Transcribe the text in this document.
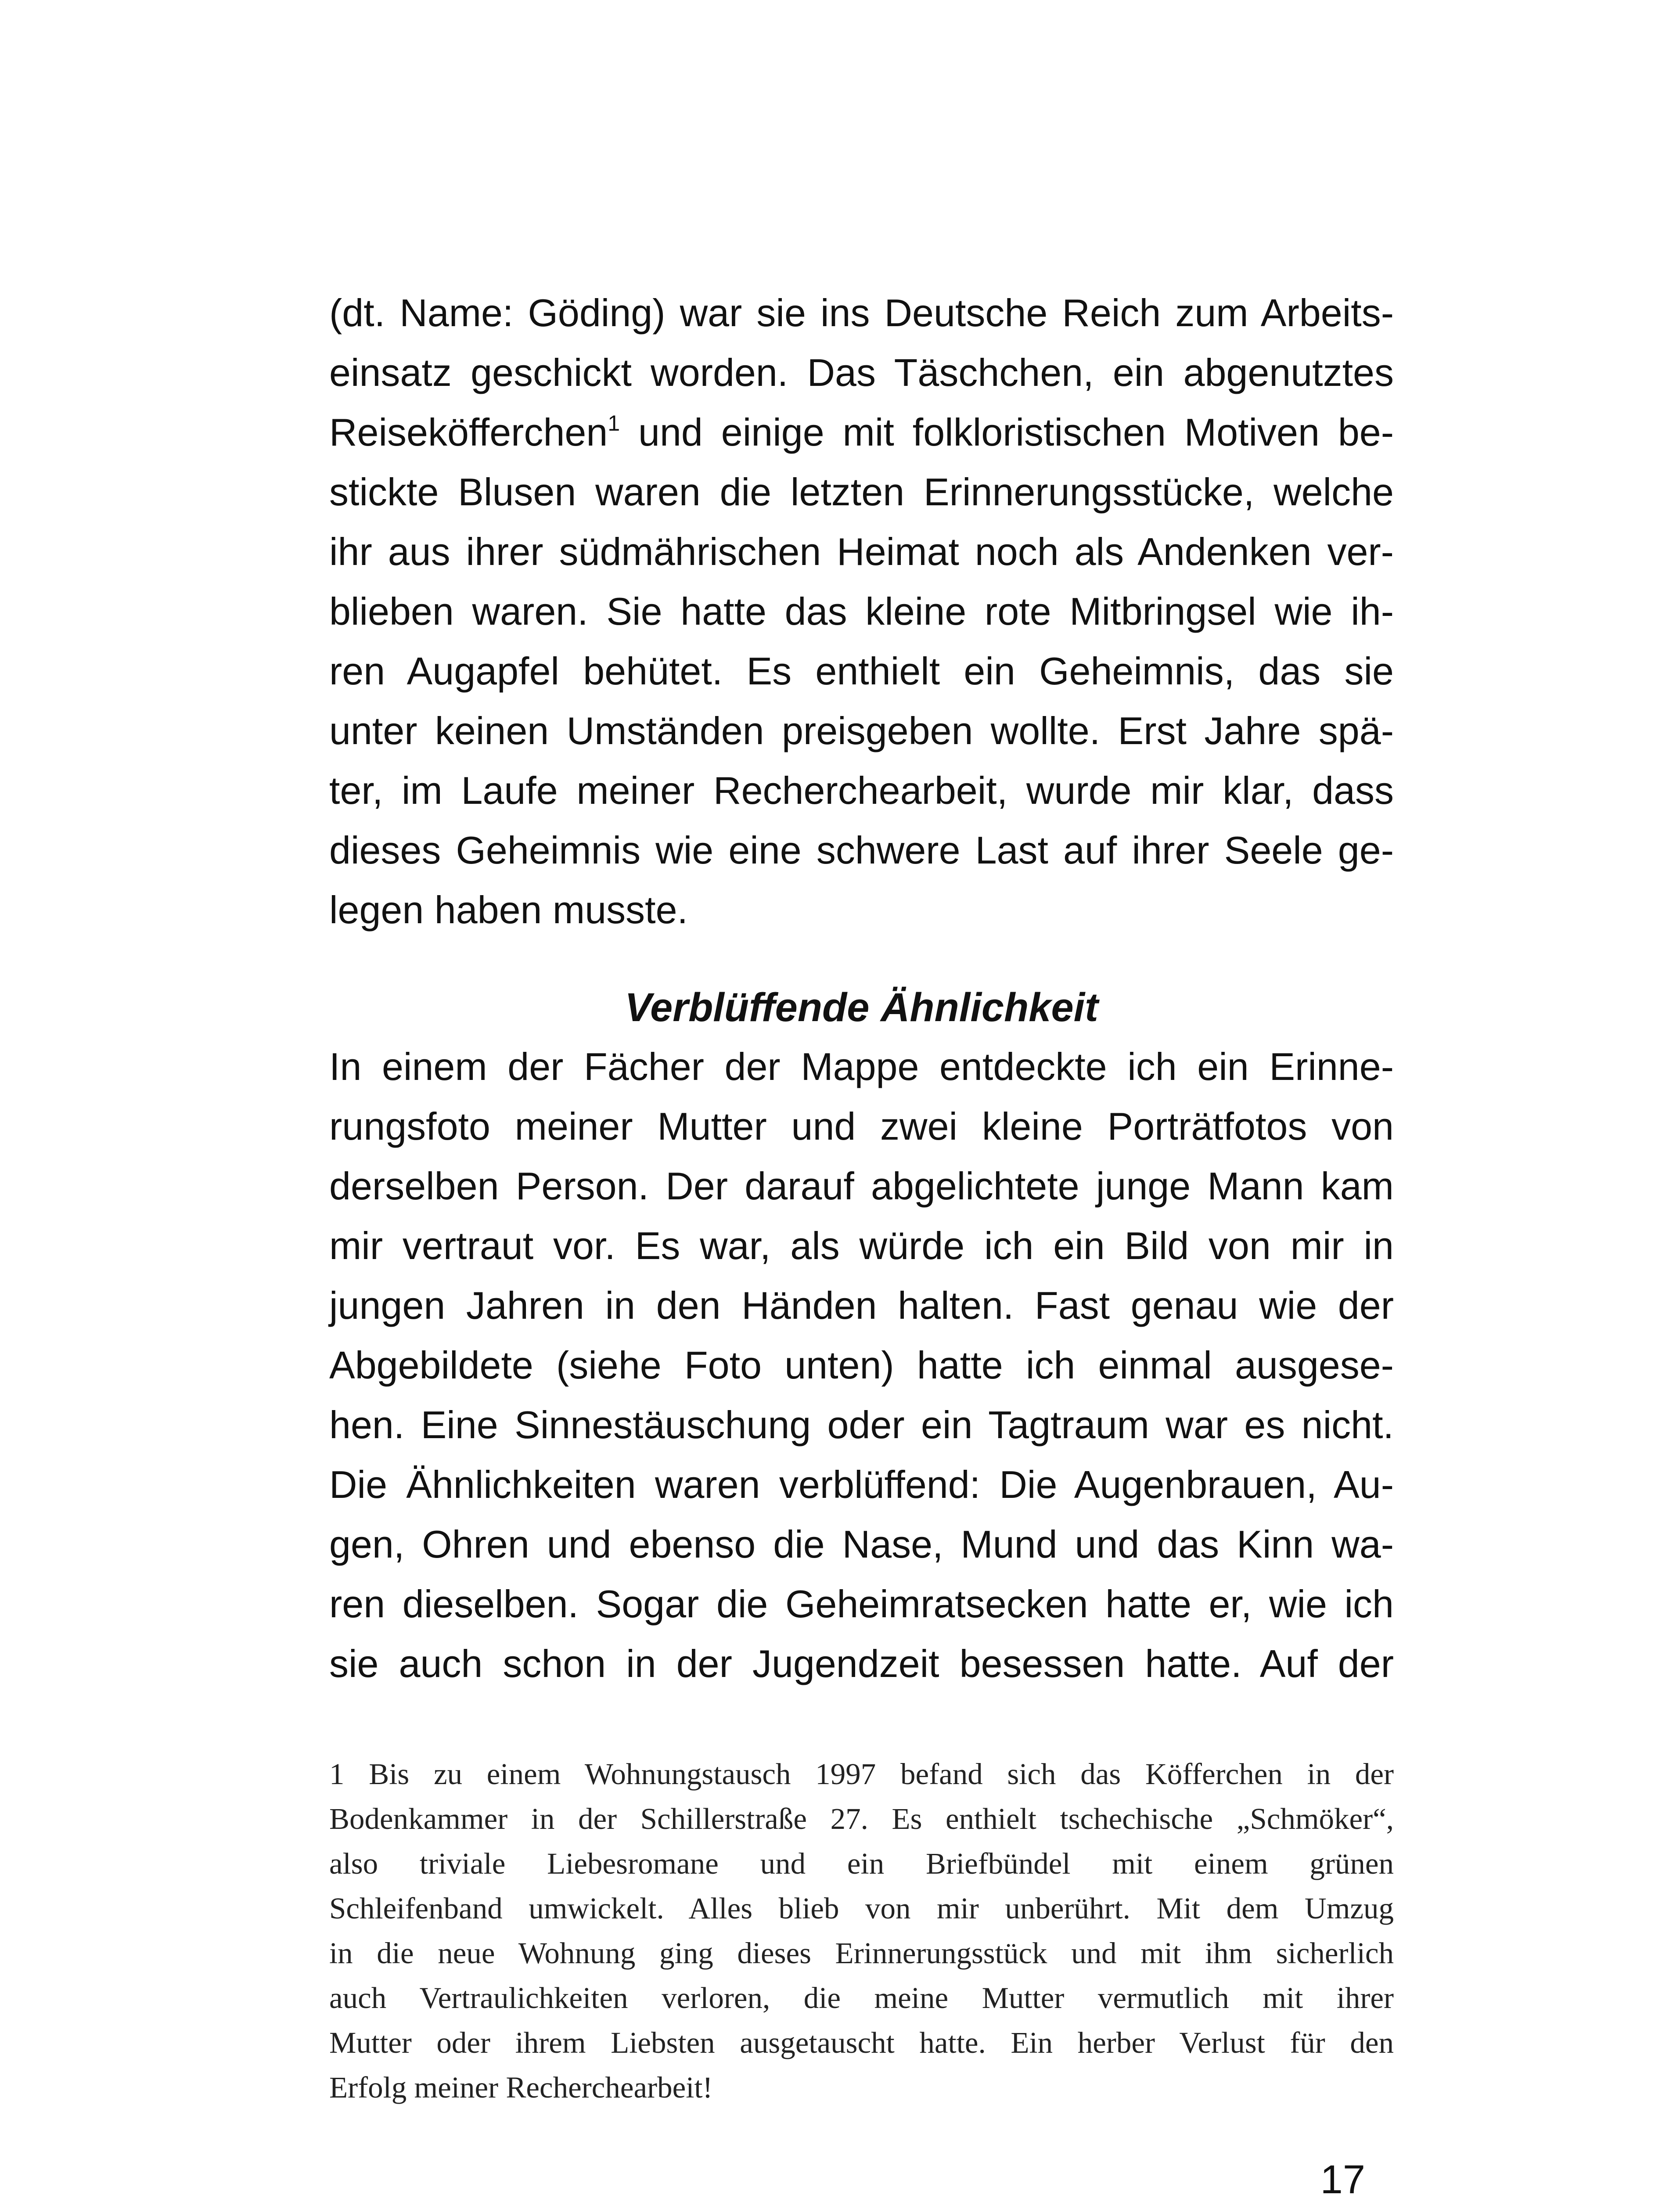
(dt. Name: Göding) war sie ins Deutsche Reich zum Arbeits-
einsatz geschickt worden. Das Täschchen, ein abgenutztes
Reiseköfferchen$^1$ und einige mit folkloristischen Motiven be-
stickte Blusen waren die letzten Erinnerungsstücke, welche
ihr aus ihrer südmährischen Heimat noch als Andenken ver-
blieben waren. Sie hatte das kleine rote Mitbringsel wie ih-
ren Augapfel behütet. Es enthielt ein Geheimnis, das sie
unter keinen Umständen preisgeben wollte. Erst Jahre spä-
ter, im Laufe meiner Recherchearbeit, wurde mir klar, dass
dieses Geheimnis wie eine schwere Last auf ihrer Seele ge-
legen haben musste.
Verblüffende Ähnlichkeit
In einem der Fächer der Mappe entdeckte ich ein Erinne-
rungsfoto meiner Mutter und zwei kleine Porträtfotos von
derselben Person. Der darauf abgelichtete junge Mann kam
mir vertraut vor. Es war, als würde ich ein Bild von mir in
jungen Jahren in den Händen halten. Fast genau wie der
Abgebildete (siehe Foto unten) hatte ich einmal ausgese-
hen. Eine Sinnestäuschung oder ein Tagtraum war es nicht.
Die Ähnlichkeiten waren verblüffend: Die Augenbrauen, Au-
gen, Ohren und ebenso die Nase, Mund und das Kinn wa-
ren dieselben. Sogar die Geheimratsecken hatte er, wie ich
sie auch schon in der Jugendzeit besessen hatte. Auf der
1 Bis zu einem Wohnungstausch 1997 befand sich das Köfferchen in der
Bodenkammer in der Schillerstraße 27. Es enthielt tschechische „Schmöker“,
also triviale Liebesromane und ein Briefbündel mit einem grünen
Schleifenband umwickelt. Alles blieb von mir unberührt. Mit dem Umzug
in die neue Wohnung ging dieses Erinnerungsstück und mit ihm sicherlich
auch Vertraulichkeiten verloren, die meine Mutter vermutlich mit ihrer
Mutter oder ihrem Liebsten ausgetauscht hatte. Ein herber Verlust für den
Erfolg meiner Recherchearbeit!
17
